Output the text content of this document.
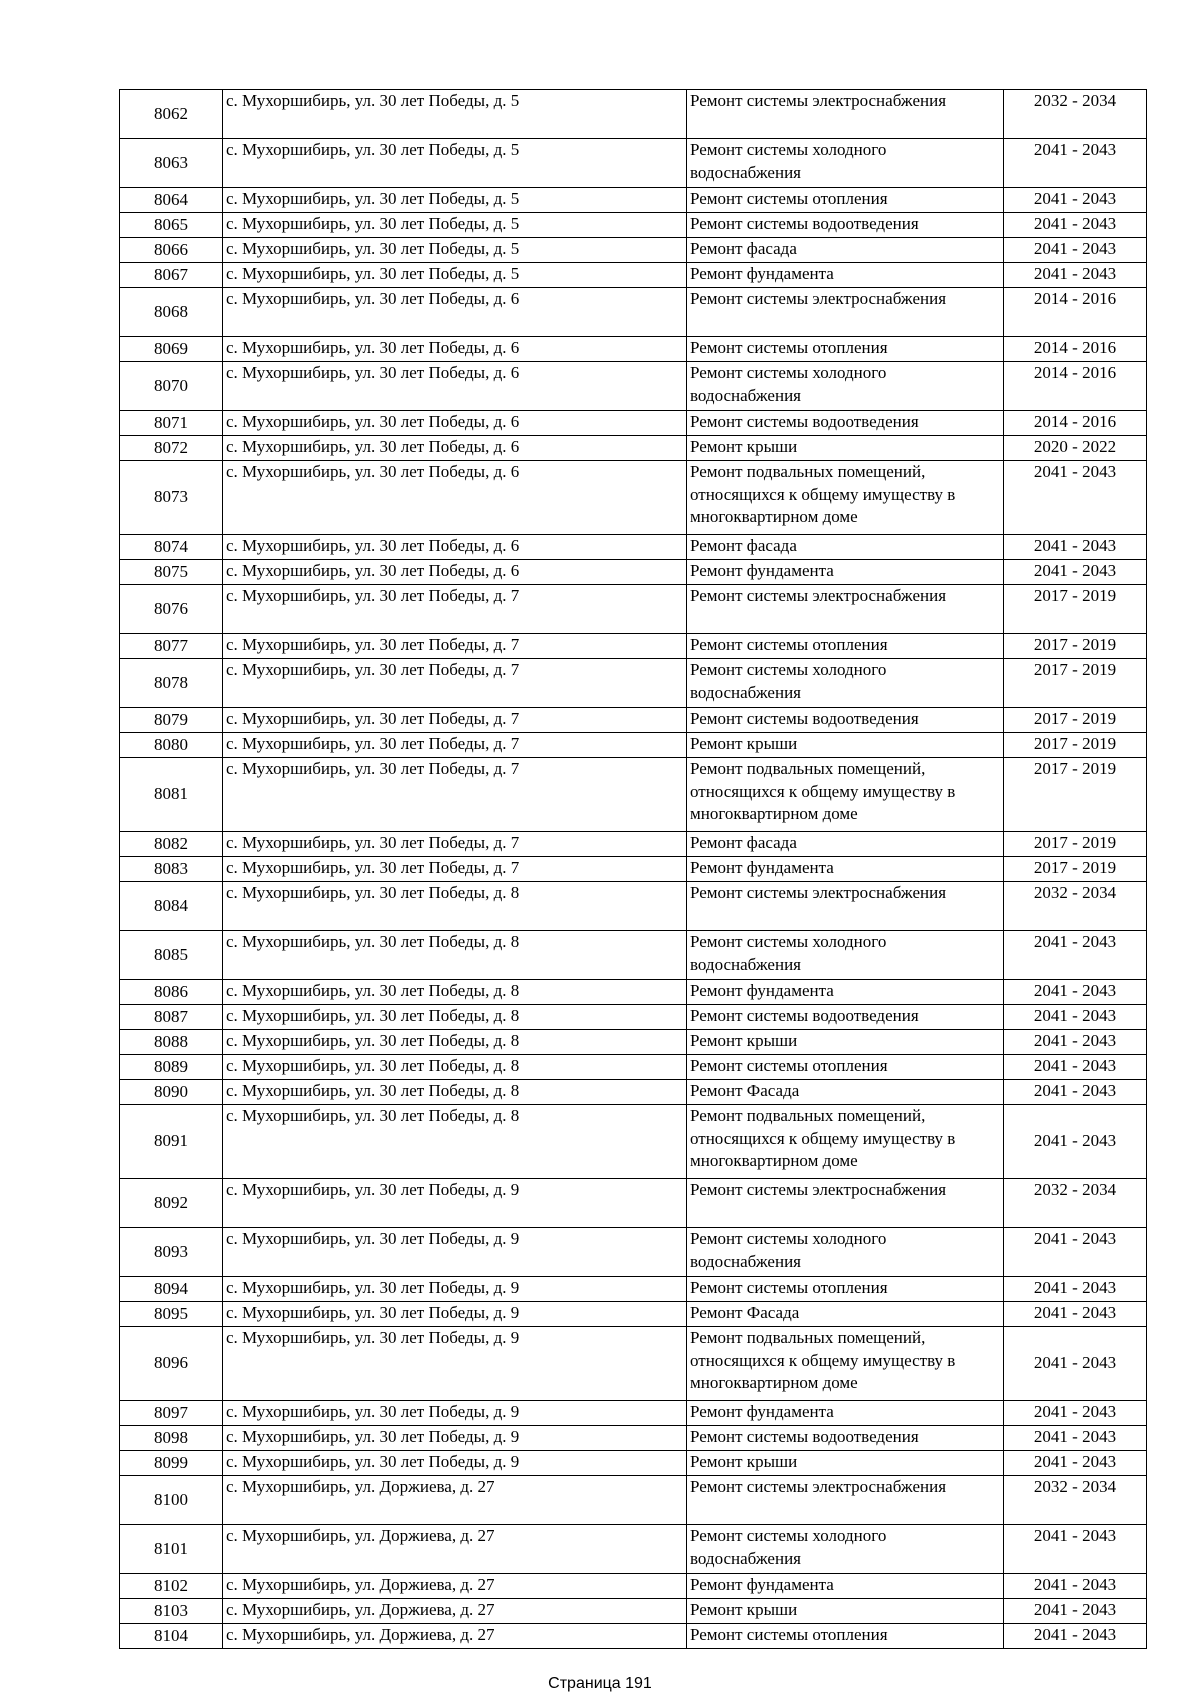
8062	с. Мухоршибирь, ул. 30 лет Победы, д. 5	Ремонт системы электроснабжения	2032 - 2034
8063	с. Мухоршибирь, ул. 30 лет Победы, д. 5	Ремонт системы холодного водоснабжения	2041 - 2043
8064	с. Мухоршибирь, ул. 30 лет Победы, д. 5	Ремонт системы отопления	2041 - 2043
8065	с. Мухоршибирь, ул. 30 лет Победы, д. 5	Ремонт системы водоотведения	2041 - 2043
8066	с. Мухоршибирь, ул. 30 лет Победы, д. 5	Ремонт фасада	2041 - 2043
8067	с. Мухоршибирь, ул. 30 лет Победы, д. 5	Ремонт фундамента	2041 - 2043
8068	с. Мухоршибирь, ул. 30 лет Победы, д. 6	Ремонт системы электроснабжения	2014 - 2016
8069	с. Мухоршибирь, ул. 30 лет Победы, д. 6	Ремонт системы отопления	2014 - 2016
8070	с. Мухоршибирь, ул. 30 лет Победы, д. 6	Ремонт системы холодного водоснабжения	2014 - 2016
8071	с. Мухоршибирь, ул. 30 лет Победы, д. 6	Ремонт системы водоотведения	2014 - 2016
8072	с. Мухоршибирь, ул. 30 лет Победы, д. 6	Ремонт крыши	2020 - 2022
8073	с. Мухоршибирь, ул. 30 лет Победы, д. 6	Ремонт подвальных помещений, относящихся к общему имуществу в многоквартирном доме	2041 - 2043
8074	с. Мухоршибирь, ул. 30 лет Победы, д. 6	Ремонт фасада	2041 - 2043
8075	с. Мухоршибирь, ул. 30 лет Победы, д. 6	Ремонт фундамента	2041 - 2043
8076	с. Мухоршибирь, ул. 30 лет Победы, д. 7	Ремонт системы электроснабжения	2017 - 2019
8077	с. Мухоршибирь, ул. 30 лет Победы, д. 7	Ремонт системы отопления	2017 - 2019
8078	с. Мухоршибирь, ул. 30 лет Победы, д. 7	Ремонт системы холодного водоснабжения	2017 - 2019
8079	с. Мухоршибирь, ул. 30 лет Победы, д. 7	Ремонт системы водоотведения	2017 - 2019
8080	с. Мухоршибирь, ул. 30 лет Победы, д. 7	Ремонт крыши	2017 - 2019
8081	с. Мухоршибирь, ул. 30 лет Победы, д. 7	Ремонт подвальных помещений, относящихся к общему имуществу в многоквартирном доме	2017 - 2019
8082	с. Мухоршибирь, ул. 30 лет Победы, д. 7	Ремонт фасада	2017 - 2019
8083	с. Мухоршибирь, ул. 30 лет Победы, д. 7	Ремонт фундамента	2017 - 2019
8084	с. Мухоршибирь, ул. 30 лет Победы, д. 8	Ремонт системы электроснабжения	2032 - 2034
8085	с. Мухоршибирь, ул. 30 лет Победы, д. 8	Ремонт системы холодного водоснабжения	2041 - 2043
8086	с. Мухоршибирь, ул. 30 лет Победы, д. 8	Ремонт фундамента	2041 - 2043
8087	с. Мухоршибирь, ул. 30 лет Победы, д. 8	Ремонт системы водоотведения	2041 - 2043
8088	с. Мухоршибирь, ул. 30 лет Победы, д. 8	Ремонт крыши	2041 - 2043
8089	с. Мухоршибирь, ул. 30 лет Победы, д. 8	Ремонт системы отопления	2041 - 2043
8090	с. Мухоршибирь, ул. 30 лет Победы, д. 8	Ремонт Фасада	2041 - 2043
8091	с. Мухоршибирь, ул. 30 лет Победы, д. 8	Ремонт подвальных помещений, относящихся к общему имуществу в многоквартирном доме	2041 - 2043
8092	с. Мухоршибирь, ул. 30 лет Победы, д. 9	Ремонт системы электроснабжения	2032 - 2034
8093	с. Мухоршибирь, ул. 30 лет Победы, д. 9	Ремонт системы холодного водоснабжения	2041 - 2043
8094	с. Мухоршибирь, ул. 30 лет Победы, д. 9	Ремонт системы отопления	2041 - 2043
8095	с. Мухоршибирь, ул. 30 лет Победы, д. 9	Ремонт Фасада	2041 - 2043
8096	с. Мухоршибирь, ул. 30 лет Победы, д. 9	Ремонт подвальных помещений, относящихся к общему имуществу в многоквартирном доме	2041 - 2043
8097	с. Мухоршибирь, ул. 30 лет Победы, д. 9	Ремонт фундамента	2041 - 2043
8098	с. Мухоршибирь, ул. 30 лет Победы, д. 9	Ремонт системы водоотведения	2041 - 2043
8099	с. Мухоршибирь, ул. 30 лет Победы, д. 9	Ремонт крыши	2041 - 2043
8100	с. Мухоршибирь, ул. Доржиева, д. 27	Ремонт системы электроснабжения	2032 - 2034
8101	с. Мухоршибирь, ул. Доржиева, д. 27	Ремонт системы холодного водоснабжения	2041 - 2043
8102	с. Мухоршибирь, ул. Доржиева, д. 27	Ремонт фундамента	2041 - 2043
8103	с. Мухоршибирь, ул. Доржиева, д. 27	Ремонт крыши	2041 - 2043
8104	с. Мухоршибирь, ул. Доржиева, д. 27	Ремонт системы отопления	2041 - 2043
Страница 191
